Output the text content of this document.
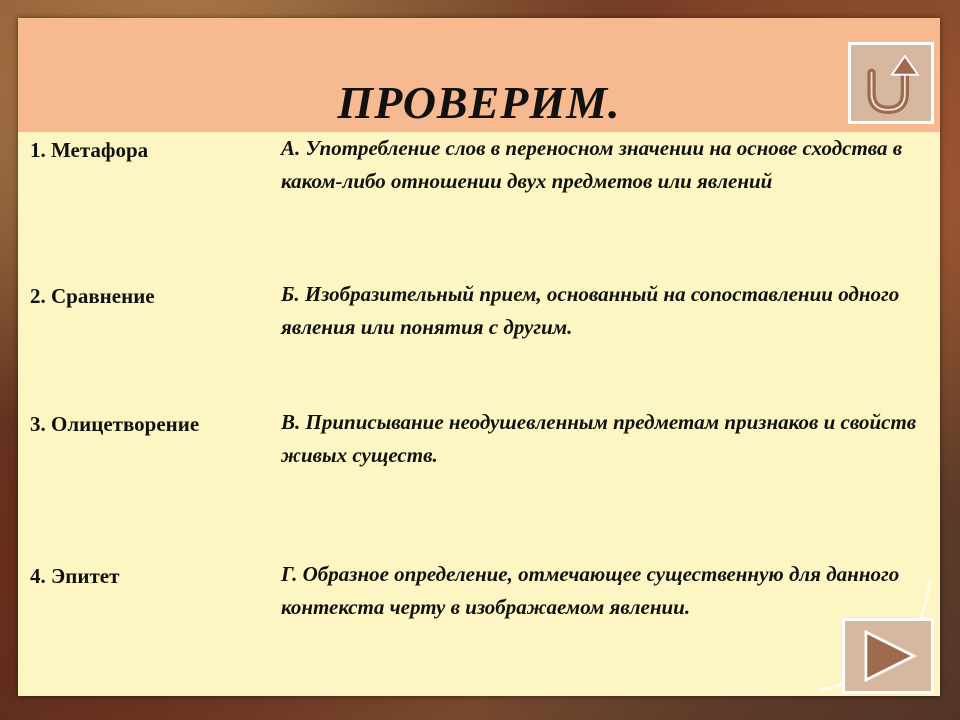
ПРОВЕРИМ.
1. Метафора	А. Употребление слов в переносном значении на основе сходства в каком-либо отношении двух предметов или явлений
2. Сравнение	Б. Изобразительный прием, основанный на сопоставлении одного явления или понятия с другим.
3. Олицетворение	В. Приписывание неодушевленным предметам признаков и свойств живых существ.
4. Эпитет	Г. Образное определение, отмечающее существенную для данного контекста черту в изображаемом явлении.
